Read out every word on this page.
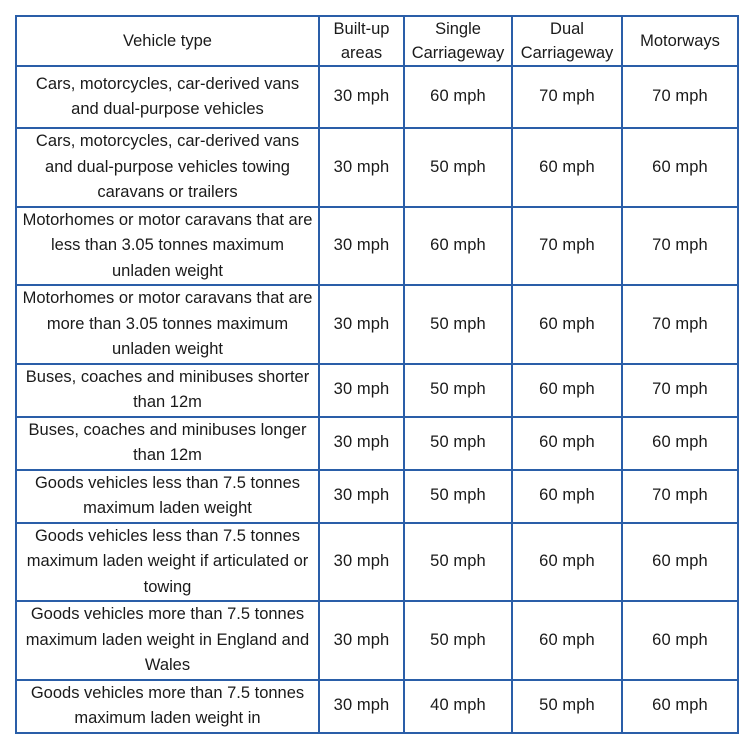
Vehicle type	Built-up areas	Single Carriageway	Dual Carriageway	Motorways
Cars, motorcycles, car-derived vans and dual-purpose vehicles	30 mph	60 mph	70 mph	70 mph
Cars, motorcycles, car-derived vans and dual-purpose vehicles towing caravans or trailers	30 mph	50 mph	60 mph	60 mph
Motorhomes or motor caravans that are less than 3.05 tonnes maximum unladen weight	30 mph	60 mph	70 mph	70 mph
Motorhomes or motor caravans that are more than 3.05 tonnes maximum unladen weight	30 mph	50 mph	60 mph	70 mph
Buses, coaches and minibuses shorter than 12m	30 mph	50 mph	60 mph	70 mph
Buses, coaches and minibuses longer than 12m	30 mph	50 mph	60 mph	60 mph
Goods vehicles less than 7.5 tonnes maximum laden weight	30 mph	50 mph	60 mph	70 mph
Goods vehicles less than 7.5 tonnes maximum laden weight if articulated or towing	30 mph	50 mph	60 mph	60 mph
Goods vehicles more than 7.5 tonnes maximum laden weight in England and Wales	30 mph	50 mph	60 mph	60 mph
Goods vehicles more than 7.5 tonnes maximum laden weight in	30 mph	40 mph	50 mph	60 mph
